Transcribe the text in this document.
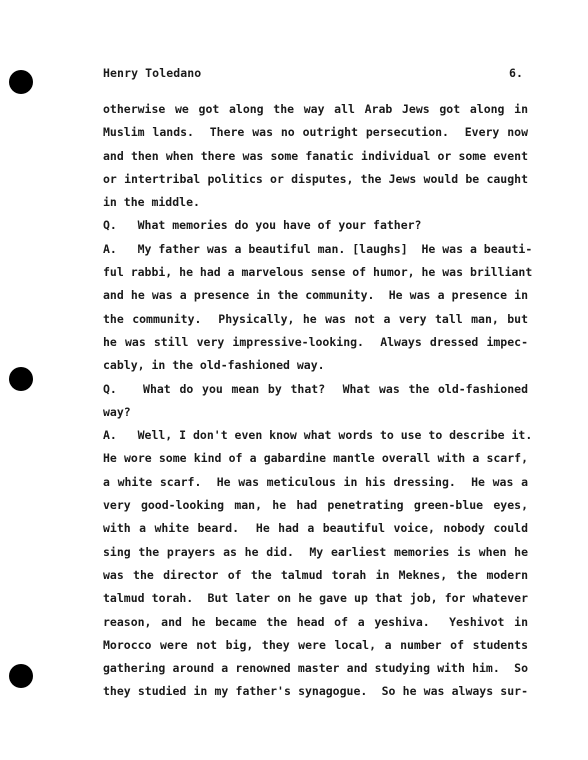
Henry Toledano	6.
otherwise we got along the way all Arab Jews got along in
Muslim lands.  There was no outright persecution.  Every now
and then when there was some fanatic individual or some event
or intertribal politics or disputes, the Jews would be caught
in the middle.
Q.   What memories do you have of your father?
A.   My father was a beautiful man. [laughs]  He was a beauti-
ful rabbi, he had a marvelous sense of humor, he was brilliant
and he was a presence in the community.  He was a presence in
the community.  Physically, he was not a very tall man, but
he was still very impressive-looking.  Always dressed impec-
cably, in the old-fashioned way.
Q.   What do you mean by that?  What was the old-fashioned
way?
A.   Well, I don't even know what words to use to describe it.
He wore some kind of a gabardine mantle overall with a scarf,
a white scarf.  He was meticulous in his dressing.  He was a
very good-looking man, he had penetrating green-blue eyes,
with a white beard.  He had a beautiful voice, nobody could
sing the prayers as he did.  My earliest memories is when he
was the director of the talmud torah in Meknes, the modern
talmud torah.  But later on he gave up that job, for whatever
reason, and he became the head of a yeshiva.  Yeshivot in
Morocco were not big, they were local, a number of students
gathering around a renowned master and studying with him.  So
they studied in my father's synagogue.  So he was always sur-
